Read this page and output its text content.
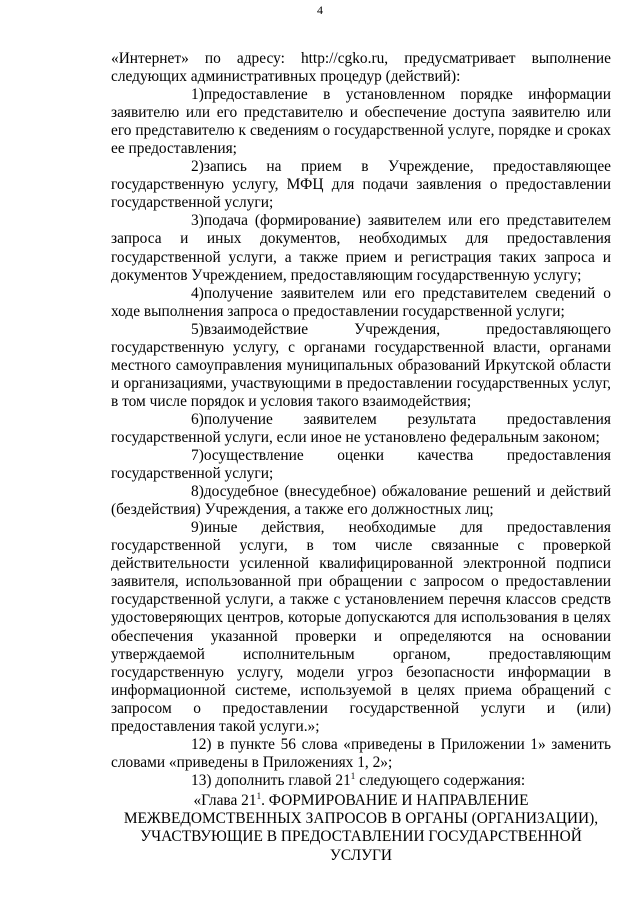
4

«Интернет» по адресу: http://cgko.ru, предусматривает выполнение следующих административных процедур (действий):

1)предоставление в установленном порядке информации заявителю или его представителю и обеспечение доступа заявителю или его представителю к сведениям о государственной услуге, порядке и сроках ее предоставления;

2)запись на прием в Учреждение, предоставляющее государственную услугу, МФЦ для подачи заявления о предоставлении государственной услуги;

3)подача (формирование) заявителем или его представителем запроса и иных документов, необходимых для предоставления государственной услуги, а также прием и регистрация таких запроса и документов Учреждением, предоставляющим государственную услугу;

4)получение заявителем или его представителем сведений о ходе выполнения запроса о предоставлении государственной услуги;

5)взаимодействие Учреждения, предоставляющего государственную услугу, с органами государственной власти, органами местного самоуправления муниципальных образований Иркутской области и организациями, участвующими в предоставлении государственных услуг, в том числе порядок и условия такого взаимодействия;

6)получение заявителем результата предоставления государственной услуги, если иное не установлено федеральным законом;

7)осуществление оценки качества предоставления государственной услуги;

8)досудебное (внесудебное) обжалование решений и действий (бездействия) Учреждения, а также его должностных лиц;

9)иные действия, необходимые для предоставления государственной услуги, в том числе связанные с проверкой действительности усиленной квалифицированной электронной подписи заявителя, использованной при обращении с запросом о предоставлении государственной услуги, а также с установлением перечня классов средств удостоверяющих центров, которые допускаются для использования в целях обеспечения указанной проверки и определяются на основании утверждаемой исполнительным органом, предоставляющим государственную услугу, модели угроз безопасности информации в информационной системе, используемой в целях приема обращений с запросом о предоставлении государственной услуги и (или) предоставления такой услуги.»;

12) в пункте 56 слова «приведены в Приложении 1» заменить словами «приведены в Приложениях 1, 2»;

13) дополнить главой $21^1$ следующего содержания:

«Глава $21^1$. ФОРМИРОВАНИЕ И НАПРАВЛЕНИЕ
МЕЖВЕДОМСТВЕННЫХ ЗАПРОСОВ В ОРГАНЫ (ОРГАНИЗАЦИИ),
УЧАСТВУЮЩИЕ В ПРЕДОСТАВЛЕНИИ ГОСУДАРСТВЕННОЙ УСЛУГИ
